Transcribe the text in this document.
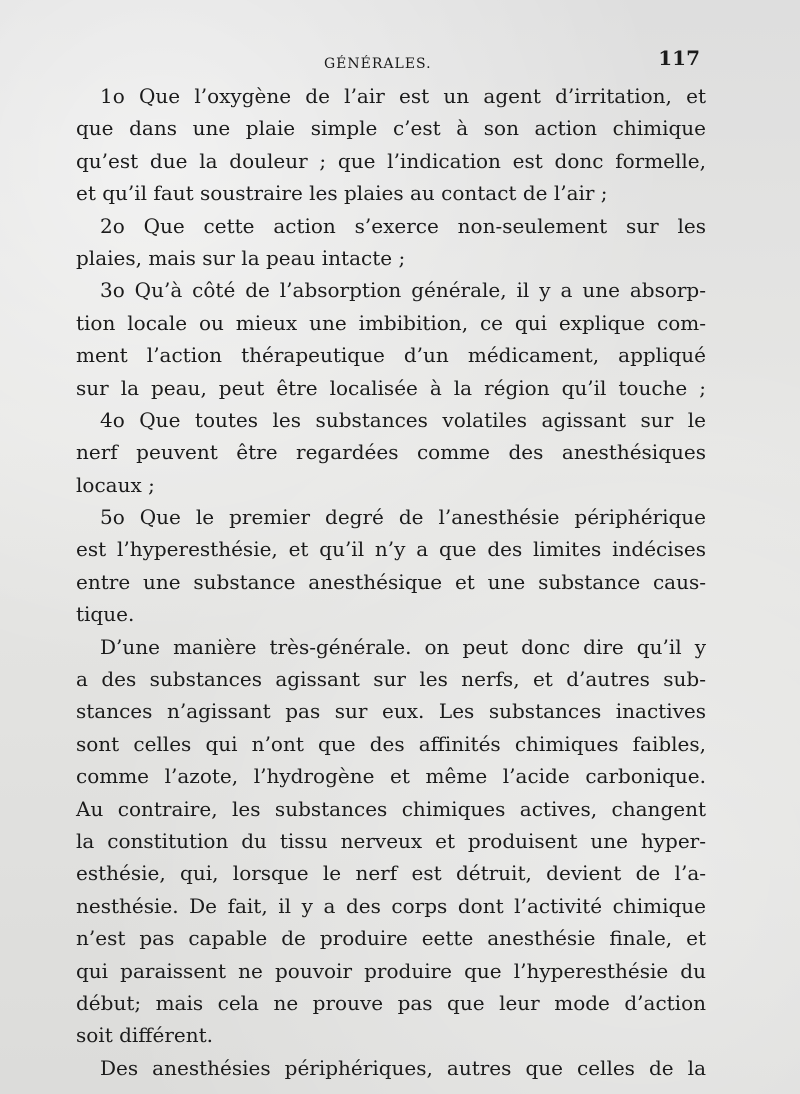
GÉNÉRALES.	117
1o Que l’oxygène de l’air est un agent d’irritation, et
que dans une plaie simple c’est à son action chimique
qu’est due la douleur ; que l’indication est donc formelle,
et qu’il faut soustraire les plaies au contact de l’air ;
2o Que cette action s’exerce non-seulement sur les
plaies, mais sur la peau intacte ;
3o Qu’à côté de l’absorption générale, il y a une absorp-
tion locale ou mieux une imbibition, ce qui explique com-
ment l’action thérapeutique d’un médicament, appliqué
sur la peau, peut être localisée à la région qu’il touche ;
4o Que toutes les substances volatiles agissant sur le
nerf peuvent être regardées comme des anesthésiques
locaux ;
5o Que le premier degré de l’anesthésie périphérique
est l’hyperesthésie, et qu’il n’y a que des limites indécises
entre une substance anesthésique et une substance caus-
tique.
D’une manière très-générale. on peut donc dire qu’il y
a des substances agissant sur les nerfs, et d’autres sub-
stances n’agissant pas sur eux. Les substances inactives
sont celles qui n’ont que des affinités chimiques faibles,
comme l’azote, l’hydrogène et même l’acide carbonique.
Au contraire, les substances chimiques actives, changent
la constitution du tissu nerveux et produisent une hyper-
esthésie, qui, lorsque le nerf est détruit, devient de l’a-
nesthésie. De fait, il y a des corps dont l’activité chimique
n’est pas capable de produire eette anesthésie finale, et
qui paraissent ne pouvoir produire que l’hyperesthésie du
début; mais cela ne prouve pas que leur mode d’action
soit différent.
Des anesthésies périphériques, autres que celles de la
